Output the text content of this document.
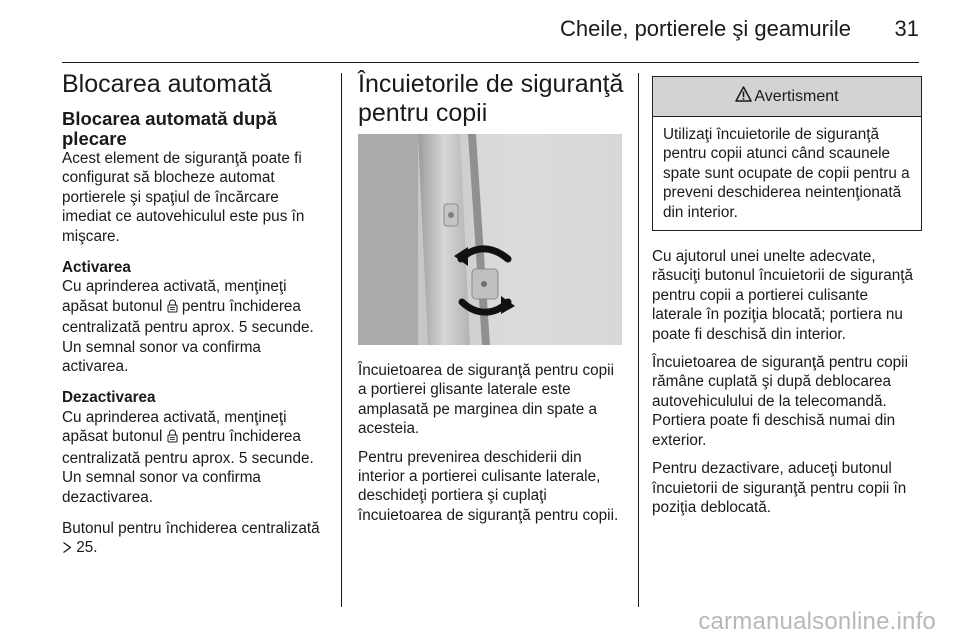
Cheile, portierele şi geamurile 31
Blocarea automată
Blocarea automată după plecare

Acest element de siguranţă poate fi configurat să blocheze automat portierele şi spaţiul de încărcare imediat ce autovehiculul este pus în mişcare.

Activarea
Cu aprinderea activată, menţineţi apăsat butonul pentru închiderea centralizată pentru aprox. 5 secunde. Un semnal sonor va confirma activarea.

Dezactivarea
Cu aprinderea activată, menţineţi apăsat butonul pentru închiderea centralizată pentru aprox. 5 secunde. Un semnal sonor va confirma dezactivarea.

Butonul pentru închiderea centralizată  25.

Încuietorile de siguranţă pentru copii

Încuietoarea de siguranţă pentru copii a portierei glisante laterale este amplasată pe marginea din spate a acesteia.

Pentru prevenirea deschiderii din interior a portierei culisante laterale, deschideţi portiera şi cuplaţi încuietoarea de siguranţă pentru copii.

Avertisment

Utilizaţi încuietorile de siguranţă pentru copii atunci când scaunele spate sunt ocupate de copii pentru a preveni deschiderea neintenţionată din interior.

Cu ajutorul unei unelte adecvate, răsuciţi butonul încuietorii de siguranţă pentru copii a portierei culisante laterale în poziţia blocată; portiera nu poate fi deschisă din interior.

Încuietoarea de siguranţă pentru copii rămâne cuplată şi după deblocarea autovehiculului de la telecomandă. Portiera poate fi deschisă numai din exterior.

Pentru dezactivare, aduceţi butonul încuietorii de siguranţă pentru copii în poziţia deblocată.

carmanualsonline.info
